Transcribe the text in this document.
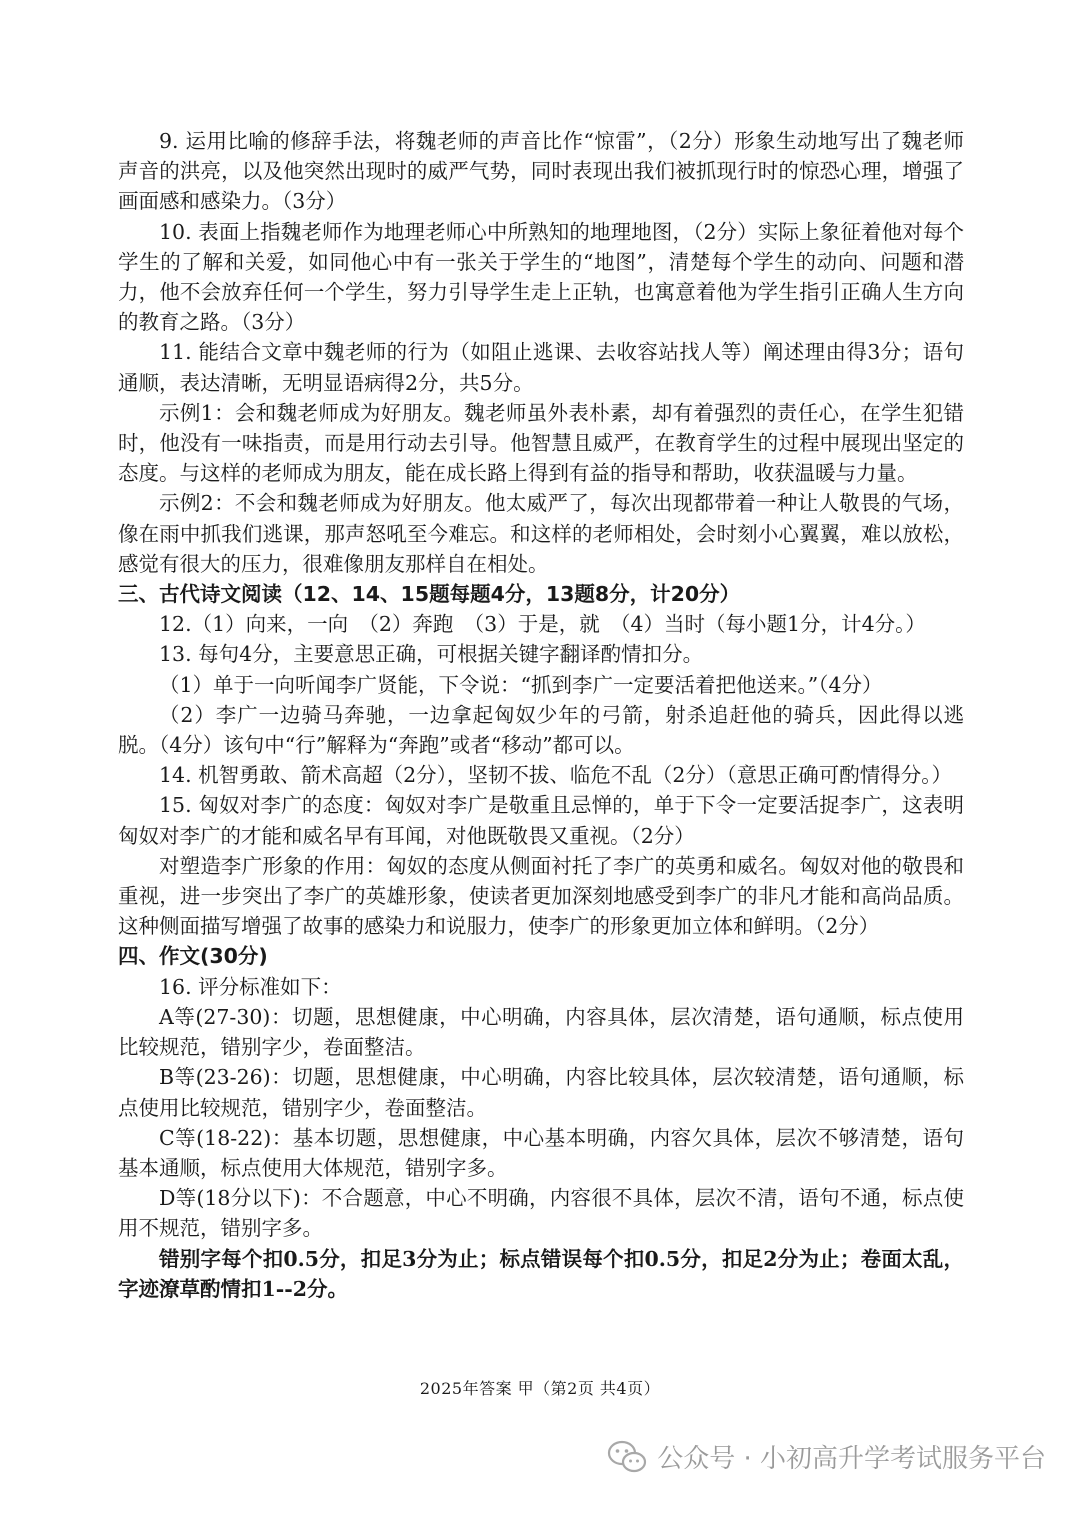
9. 运用比喻的修辞手法，将魏老师的声音比作“惊雷”，（2分）形象生动地写出了魏老师声音的洪亮，以及他突然出现时的威严气势，同时表现出我们被抓现行时的惊恐心理，增强了画面感和感染力。（3分）

10. 表面上指魏老师作为地理老师心中所熟知的地理地图，（2分）实际上象征着他对每个学生的了解和关爱，如同他心中有一张关于学生的“地图”，清楚每个学生的动向、问题和潜力，他不会放弃任何一个学生，努力引导学生走上正轨，也寓意着他为学生指引正确人生方向的教育之路。（3分）

11. 能结合文章中魏老师的行为（如阻止逃课、去收容站找人等）阐述理由得3分；语句通顺，表达清晰，无明显语病得2分，共5分。

示例1：会和魏老师成为好朋友。魏老师虽外表朴素，却有着强烈的责任心，在学生犯错时，他没有一味指责，而是用行动去引导。他智慧且威严，在教育学生的过程中展现出坚定的态度。与这样的老师成为朋友，能在成长路上得到有益的指导和帮助，收获温暖与力量。

示例2：不会和魏老师成为好朋友。他太威严了，每次出现都带着一种让人敬畏的气场，像在雨中抓我们逃课，那声怒吼至今难忘。和这样的老师相处，会时刻小心翼翼，难以放松，感觉有很大的压力，很难像朋友那样自在相处。

三、古代诗文阅读（12、14、15题每题4分，13题8分，计20分）

12.（1）向来，一向　（2）奔跑　（3）于是，就　（4）当时（每小题1分，计4分。）

13. 每句4分，主要意思正确，可根据关键字翻译酌情扣分。

（1）单于一向听闻李广贤能，下令说：“抓到李广一定要活着把他送来。”（4分）

（2）李广一边骑马奔驰，一边拿起匈奴少年的弓箭，射杀追赶他的骑兵，因此得以逃脱。（4分）该句中“行”解释为“奔跑”或者“移动”都可以。

14. 机智勇敢、箭术高超（2分），坚韧不拔、临危不乱（2分）（意思正确可酌情得分。）

15. 匈奴对李广的态度：匈奴对李广是敬重且忌惮的，单于下令一定要活捉李广，这表明匈奴对李广的才能和威名早有耳闻，对他既敬畏又重视。（2分）

对塑造李广形象的作用：匈奴的态度从侧面衬托了李广的英勇和威名。匈奴对他的敬畏和重视，进一步突出了李广的英雄形象，使读者更加深刻地感受到李广的非凡才能和高尚品质。这种侧面描写增强了故事的感染力和说服力，使李广的形象更加立体和鲜明。（2分）

四、作文(30分)

16. 评分标准如下：

A等(27-30)：切题，思想健康，中心明确，内容具体，层次清楚，语句通顺，标点使用比较规范，错别字少，卷面整洁。

B等(23-26)：切题，思想健康，中心明确，内容比较具体，层次较清楚，语句通顺，标点使用比较规范，错别字少，卷面整洁。

C等(18-22)：基本切题，思想健康，中心基本明确，内容欠具体，层次不够清楚，语句基本通顺，标点使用大体规范，错别字多。

D等(18分以下)：不合题意，中心不明确，内容很不具体，层次不清，语句不通，标点使用不规范，错别字多。

错别字每个扣0.5分，扣足3分为止；标点错误每个扣0.5分，扣足2分为止；卷面太乱，字迹潦草酌情扣1--2分。

2025年答案 甲（第2页 共4页）
公众号 · 小初高升学考试服务平台
